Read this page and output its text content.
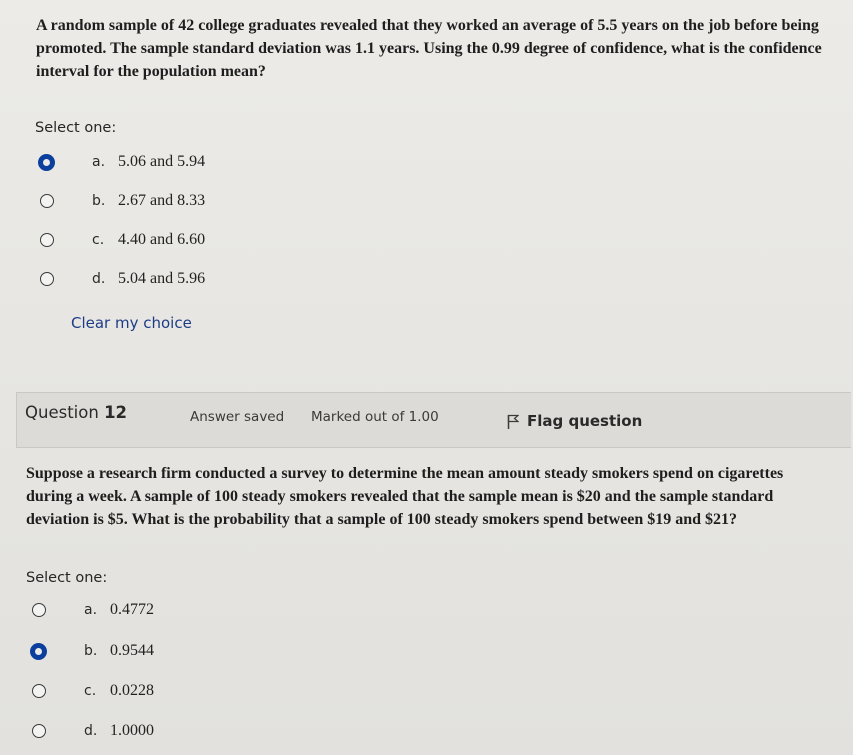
A random sample of 42 college graduates revealed that they worked an average of 5.5 years on the job before being promoted. The sample standard deviation was 1.1 years. Using the 0.99 degree of confidence, what is the confidence interval for the population mean?

Select one:
a. 5.06 and 5.94
b. 2.67 and 8.33
c. 4.40 and 6.60
d. 5.04 and 5.96
Clear my choice
Question 12	Answer saved Marked out of 1.00	Flag question

Suppose a research firm conducted a survey to determine the mean amount steady smokers spend on cigarettes during a week. A sample of 100 steady smokers revealed that the sample mean is $20 and the sample standard deviation is $5. What is the probability that a sample of 100 steady smokers spend between $19 and $21?

Select one:
a. 0.4772
b. 0.9544
c. 0.0228
d. 1.0000
